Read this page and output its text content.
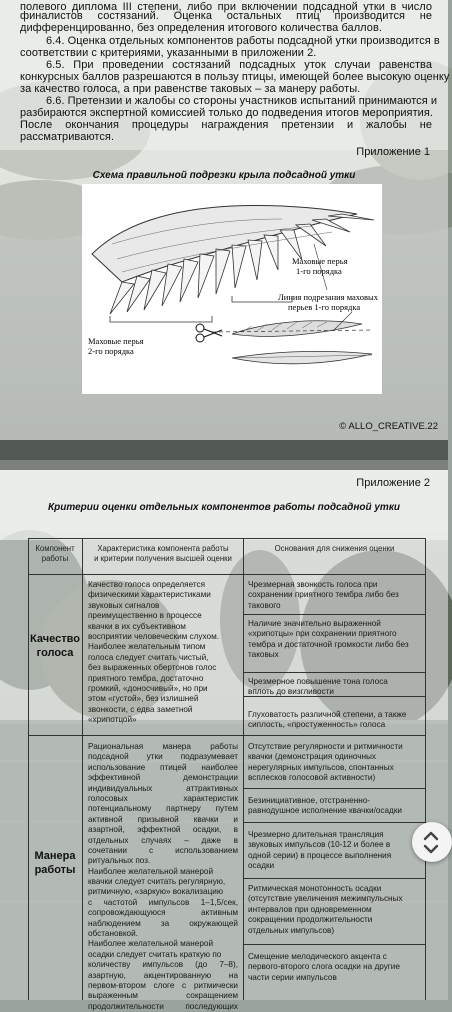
полевого диплома III степени, либо при включении подсадной утки в число
финалистов состязаний. Оценка остальных птиц производится не
дифференцированно, без определения итогового количества баллов.
6.4. Оценка отдельных компонентов работы подсадной утки производится в
соответствии с критериями, указанными в приложении 2.
6.5. При проведении состязаний подсадных уток случаи равенства
конкурсных баллов разрешаются в пользу птицы, имеющей более высокую оценку
за качество голоса, а при равенстве таковых – за манеру работы.
6.6. Претензии и жалобы со стороны участников испытаний принимаются и
разбираются экспертной комиссией только до подведения итогов мероприятия.
После окончания процедуры награждения претензии и жалобы не
рассматриваются.
Приложение 1
Схема правильной подрезки крыла подсадной утки
Маховые перья
1-го порядка
Линия подрезания маховых
перьев 1-го порядка
Маховые перья
2-го порядка
© ALLO_CREATIVE.22
Приложение 2
Критерии оценки отдельных компонентов работы подсадной утки
Компонент
работы
Характеристика компонента работы
и критерии получения высшей оценки
Основания для снижения оценки
Качество
голоса
Качество голоса определяется
физическими характеристиками
звуковых сигналов
преимущественно в процессе
квачки в их субъективном
восприятии человеческим слухом.
Наиболее желательным типом
голоса следует считать чистый,
без выраженных обертонов голос
приятного тембра, достаточно
громкий, «доносчивый», но при
этом «густой», без излишней
звонкости, с едва заметной
«хрипотцой»
Чрезмерная звонкость голоса при
сохранении приятного тембра либо без
такового
Наличие значительно выраженной
«хрипотцы» при сохранении приятного
тембра и достаточной громкости либо без
таковых
Чрезмерное повышение тона голоса
вплоть до визгливости
Глуховатость различной степени, а также
сиплость, «простуженность» голоса
Манера
работы
Рациональная манера работы
подсадной утки подразумевает
использование птицей наиболее
эффективной демонстрации
индивидуальных аттрактивных
голосовых характеристик
потенциальному партнеру путем
активной призывной квачки и
азартной, эффектной осадки, в
отдельных случаях – даже в
сочетании с использованием
ритуальных поз.
Наиболее желательной манерой
квачки следует считать регулярную,
ритмичную, «заркую» вокализацию
с частотой импульсов 1–1,5/сек,
сопровождающуюся активным
наблюдением за окружающей
обстановкой.
Наиболее желательной манерой
осадки следует считать краткую по
количеству импульсов (до 7–8),
азартную, акцентированную на
первом-втором слоге с ритмически
выраженным сокращением
продолжительности последующих
Отсутствие регулярности и ритмичности
квачки (демонстрация одиночных
нерегулярных импульсов, спонтанных
всплесков голосовой активности)
Безинициативное, отстраненно-
равнодушное исполнение квачки/осадки
Чрезмерно длительная трансляция
звуковых импульсов (10-12 и более в
одной серии) в процессе выполнения
осадки
Ритмическая монотонность осадки
(отсутствие увеличения межимпульсных
интервалов при одновременном
сокращении продолжительности
отдельных импульсов)
Смещение мелодического акцента с
первого-второго слога осадки на другие
части серии импульсов
